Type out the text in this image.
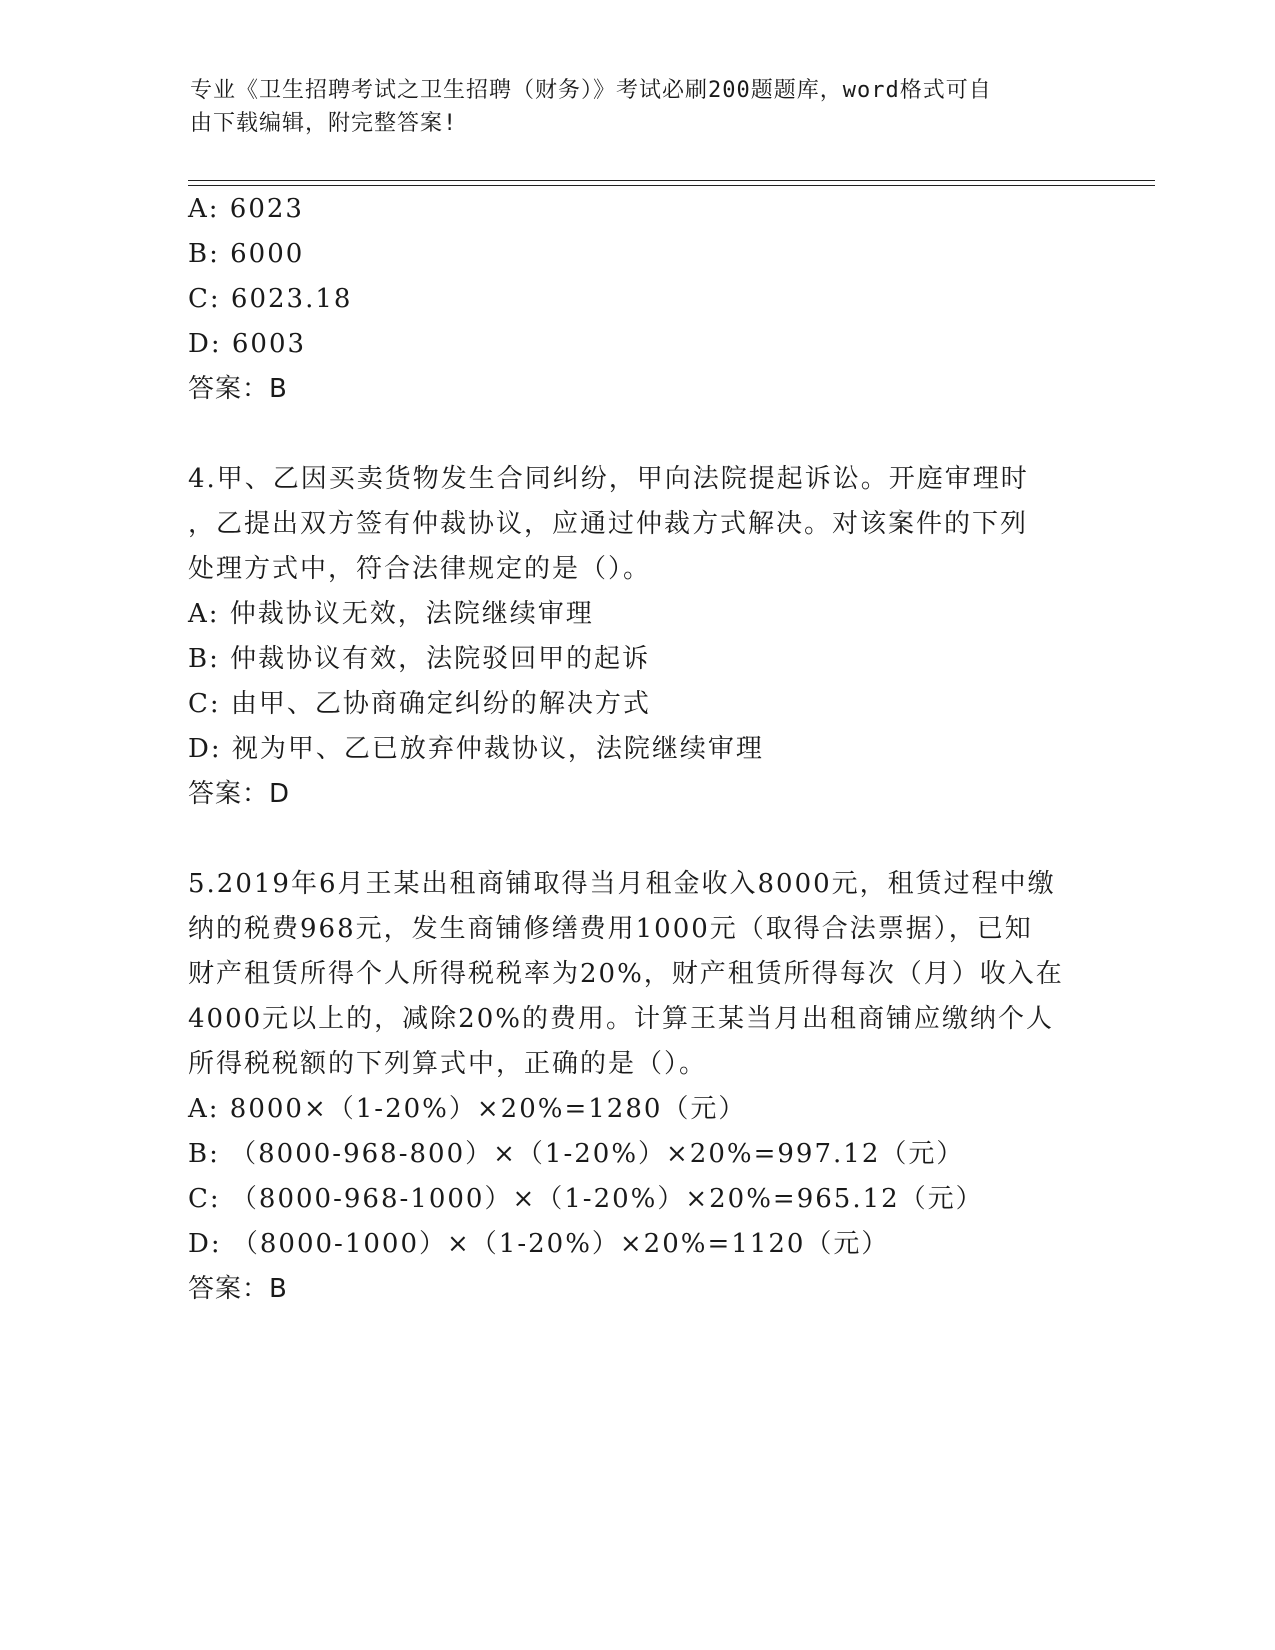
专业《卫生招聘考试之卫生招聘（财务）》考试必刷200题题库，word格式可自
由下载编辑，附完整答案!
A: 6023
B: 6000
C: 6023.18
D: 6003
答案：B
4.甲、乙因买卖货物发生合同纠纷，甲向法院提起诉讼。开庭审理时
，乙提出双方签有仲裁协议，应通过仲裁方式解决。对该案件的下列
处理方式中，符合法律规定的是（）。
A: 仲裁协议无效，法院继续审理
B: 仲裁协议有效，法院驳回甲的起诉
C: 由甲、乙协商确定纠纷的解决方式
D: 视为甲、乙已放弃仲裁协议，法院继续审理
答案：D
5.2019年6月王某出租商铺取得当月租金收入8000元，租赁过程中缴
纳的税费968元，发生商铺修缮费用1000元（取得合法票据），已知
财产租赁所得个人所得税税率为20%，财产租赁所得每次（月）收入在
4000元以上的，减除20%的费用。计算王某当月出租商铺应缴纳个人
所得税税额的下列算式中，正确的是（）。
A: 8000×（1-20%）×20%=1280（元）
B: （8000-968-800）×（1-20%）×20%=997.12（元）
C: （8000-968-1000）×（1-20%）×20%=965.12（元）
D: （8000-1000）×（1-20%）×20%=1120（元）
答案：B
